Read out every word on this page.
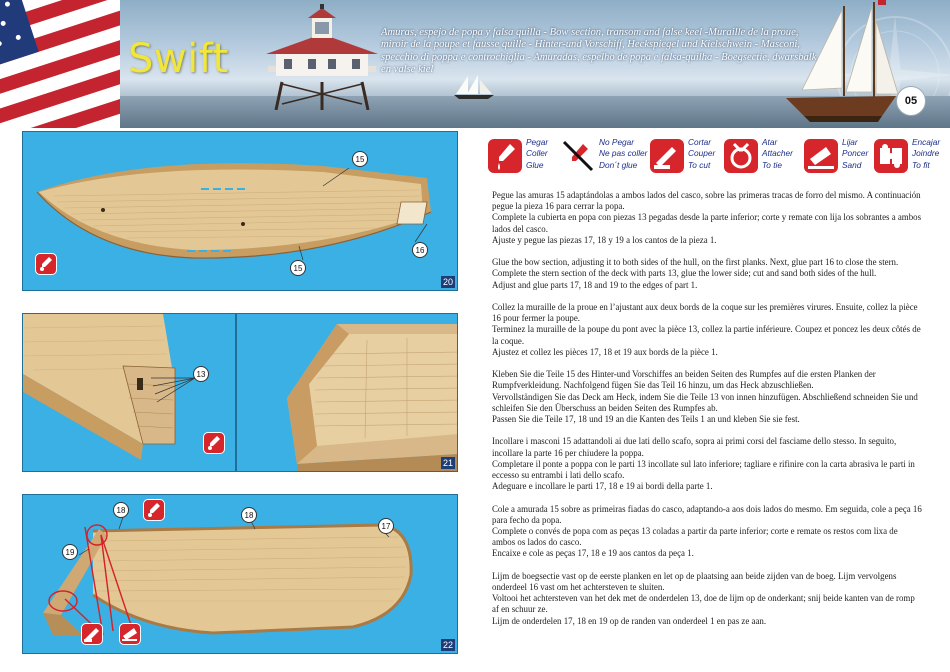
Swift
Amuras, espejo de popa y falsa quilla - Bow section, transom and false keel -Muraille de la proue, miroir de la poupe et fausse quille - Hinter-und Vorschiff, Heckspiegel und Kielschwein - Masconi, specchio di poppa e controchiglia - Amuradas, espelho de popa e falsa-quilha - Boegsectie, dwarsbalk en valse kiel
05
15
16
15
20
13
21
18
18
17
19
22
Pegar
Coller
Glue
No Pegar
Ne pas coller
Don´t glue
Cortar
Couper
To cut
Atar
Attacher
To tie
Lijar
Poncer
Sand
Encajar
Joindre
To fit

Pegue las amuras 15 adaptándolas a ambos lados del casco, sobre las primeras tracas de forro del mismo. A continuación pegue la pieza 16 para cerrar la popa.

Complete la cubierta en popa con piezas 13 pegadas desde la parte inferior; corte y remate con lija los sobrantes a ambos lados del casco.

Ajuste y pegue las piezas 17, 18 y 19 a los cantos de la pieza 1.

Glue the bow section, adjusting it to both sides of the hull, on the first planks. Next, glue part 16 to close the stern.

Complete the stern section of the deck with parts 13, glue the lower side; cut and sand both sides of the hull.

Adjust and glue parts 17, 18 and 19 to the edges of part 1.

Collez la muraille de la proue en l’ajustant aux deux bords de la coque sur les premières virures. Ensuite, collez la pièce 16 pour fermer la poupe.

Terminez la muraille de la poupe du pont avec la pièce 13, collez la partie inférieure. Coupez et poncez les deux côtés de la coque.

Ajustez et collez les pièces 17, 18 et 19 aux bords de la pièce 1.

Kleben Sie die Teile 15 des Hinter-und Vorschiffes an beiden Seiten des Rumpfes auf die ersten Planken der Rumpfverkleidung. Nachfolgend fügen Sie das Teil 16 hinzu, um das Heck abzuschließen.

Vervollständigen Sie das Deck am Heck, indem Sie die Teile 13 von innen hinzufügen. Abschließend schneiden Sie und schleifen Sie den Überschuss an beiden Seiten des Rumpfes ab.

Passen Sie die Teile 17, 18 und 19 an die Kanten des Teils 1 an und kleben Sie sie fest.

Incollare i masconi 15 adattandoli ai due lati dello scafo, sopra ai primi corsi del fasciame dello stesso. In seguito, incollare la parte 16 per chiudere la poppa.

Completare il ponte a poppa con le parti 13 incollate sul lato inferiore; tagliare e rifinire con la carta abrasiva le parti in eccesso su entrambi i lati dello scafo.

Adeguare e incollare le parti 17, 18 e 19 ai bordi della parte 1.

Cole a amurada 15 sobre as primeiras fiadas do casco, adaptando-a aos dois lados do mesmo. Em seguida, cole a peça 16 para fecho da popa.

Complete o convés de popa com as peças 13 coladas a partir da parte inferior; corte e remate os restos com lixa de ambos os lados do casco.

Encaixe e cole as peças 17, 18 e 19 aos cantos da peça 1.

Lijm de boegsectie vast op de eerste planken en let op de plaatsing aan beide zijden van de boeg. Lijm vervolgens onderdeel 16 vast om het achtersteven te sluiten.

Voltooi het achtersteven van het dek met de onderdelen 13, doe de lijm op de onderkant; snij beide kanten van de romp af en schuur ze.

Lijm de onderdelen 17, 18 en 19 op de randen van onderdeel 1 en pas ze aan.
